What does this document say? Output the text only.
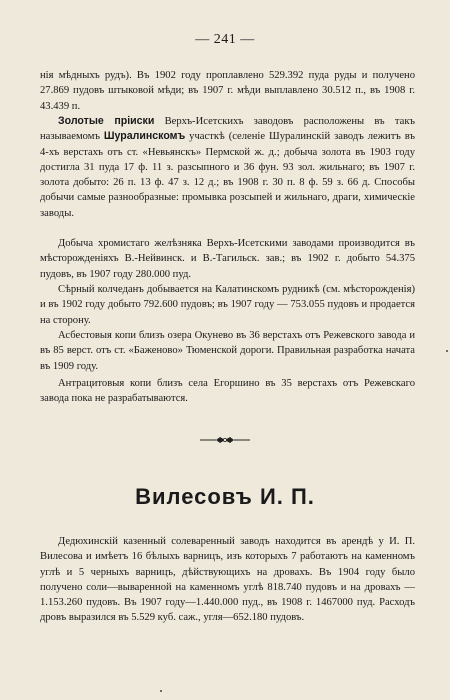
— 241 —

нія мѣдныхъ рудъ). Въ 1902 году проплавлено 529.392 пуда руды и получено 27.869 пудовъ штыковой мѣди; въ 1907 г. мѣди выплавлено 30.512 п., въ 1908 г. 43.439 п.

Золотые пріиски Верхъ-Исетскихъ заводовъ расположены въ такъ называемомъ Шуралинскомъ участкѣ (селеніе Шуралинскій заводъ лежитъ въ 4-хъ верстахъ отъ ст. «Невьянскъ» Пермской ж. д.; добыча золота въ 1903 году достигла 31 пуда 17 ф. 11 з. разсыпного и 36 фун. 93 зол. жильнаго; въ 1907 г. золота добыто: 26 п. 13 ф. 47 з. 12 д.; въ 1908 г. 30 п. 8 ф. 59 з. 66 д. Способы добычи самые разнообразные: промывка розсыпей и жильнаго, драги, химическіе заводы.

Добыча хромистаго желѣзняка Верхъ-Исетскими заводами производится въ мѣсторожденіяхъ В.-Нейвинск. и В.-Тагильск. зав.; въ 1902 г. добыто 54.375 пудовъ, въ 1907 году 280.000 пуд.

Сѣрный колчеданъ добывается на Калатинскомъ рудникѣ (см. мѣсторожденія) и въ 1902 году добыто 792.600 пудовъ; въ 1907 году — 753.055 пудовъ и продается на сторону.

Асбестовыя копи близъ озера Окунево въ 36 верстахъ отъ Режевского завода и въ 85 верст. отъ ст. «Баженово» Тюменской дороги. Правильная разработка начата въ 1909 году.

Антрацитовыя копи близъ села Егоршино въ 35 верстахъ отъ Режевскаго завода пока не разрабатываются.

Вилесовъ И. П.

Дедюхинскій казенный солеваренный заводъ находится въ арендѣ у И. П. Вилесова и имѣетъ 16 бѣлыхъ варницъ, изъ которыхъ 7 работаютъ на каменномъ углѣ и 5 черныхъ варницъ, дѣйствующихъ на дровахъ. Въ 1904 году было получено соли—вываренной на каменномъ углѣ 818.740 пудовъ и на дровахъ —1.153.260 пудовъ. Въ 1907 году—1.440.000 пуд., въ 1908 г. 1467000 пуд. Расходъ дровъ выразился въ 5.529 куб. саж., угля—652.180 пудовъ.
